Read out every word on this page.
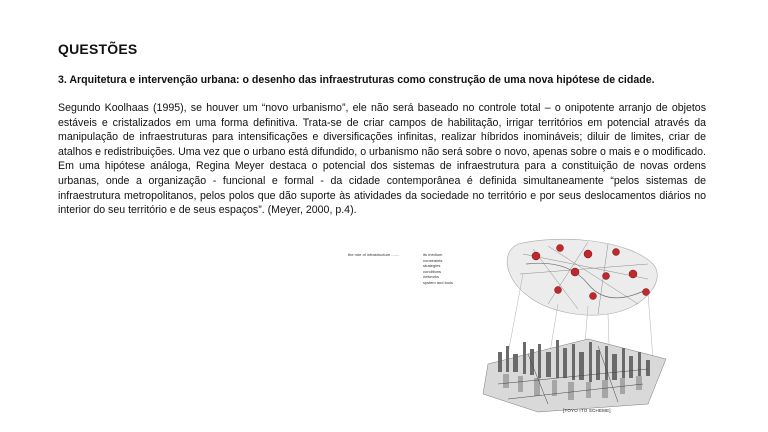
QUESTÕES
3. Arquitetura e intervenção urbana: o desenho das infraestruturas como construção de uma nova hipótese de cidade.
Segundo Koolhaas (1995), se houver um “novo urbanismo”, ele não será baseado no controle total – o onipotente arranjo de objetos estáveis e cristalizados em uma forma definitiva. Trata-se de criar campos de habilitação, irrigar territórios em potencial através da manipulação de infraestruturas para intensificações e diversificações infinitas, realizar híbridos inomináveis; diluir de limites, criar de atalhos e redistribuições. Uma vez que o urbano está difundido, o urbanismo não será sobre o novo, apenas sobre o mais e o modificado. Em uma hipótese análoga, Regina Meyer destaca o potencial dos sistemas de infraestrutura para a constituição de novas ordens urbanas, onde a organização - funcional e formal - da cidade contemporânea é definida simultaneamente “pelos sistemas de infraestrutura metropolitanos, pelos polos que dão suporte às atividades da sociedade no território e por seus deslocamentos diários no interior do seu território e de seus espaços”. (Meyer, 2000, p.4).
the role of infrastructure .......	its medium
constraints
strategies
conditions
networks
system and tools
[TOYO ITO SCHEME]
